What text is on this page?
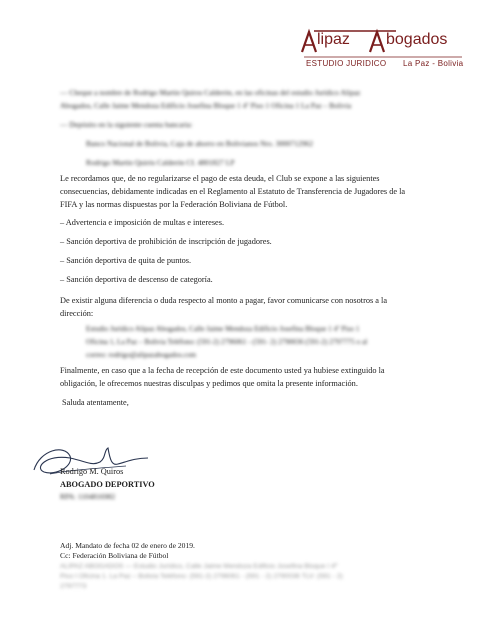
lipaz bogados
ESTUDIO JURIDICO La Paz - Bolivia
— Cheque a nombre de Rodrigo Martin Quiros Calderón, en las oficinas del estudio Jurídico Alipaz
Abogados, Calle Jaime Mendoza Edificio Josefina Bloque 1 4º Piso 1 Oficina 1 La Paz – Bolivia
— Depósito en la siguiente cuenta bancaria:
Banco Nacional de Bolivia, Caja de ahorro en Bolivianos Nro. 3000712962
Rodrigo Martin Quirós Calderón CI. 4801827 LP
Le recordamos que, de no regularizarse el pago de esta deuda, el Club se expone a las siguientes
consecuencias, debidamente indicadas en el Reglamento al Estatuto de Transferencia de Jugadores de la
FIFA y las normas dispuestas por la Federación Boliviana de Fútbol.
– Advertencia e imposición de multas e intereses.
– Sanción deportiva de prohibición de inscripción de jugadores.
– Sanción deportiva de quita de puntos.
– Sanción deportiva de descenso de categoría.
De existir alguna diferencia o duda respecto al monto a pagar, favor comunicarse con nosotros a la
dirección:
Estudio Jurídico Alipaz Abogados, Calle Jaime Mendoza Edificio Josefina Bloque 1 4º Piso 1
Oficina 1, La Paz – Bolivia Teléfono: (591-2) 2796061 - (591- 2) 2790036 (591-2) 2797775 o al
correo: rodrigo@alipazabogados.com
Finalmente, en caso que a la fecha de recepción de este documento usted ya hubiese extinguido la
obligación, le ofrecemos nuestras disculpas y pedimos que omita la presente información.
Saluda atentamente,
Rodrigo M. Quiros
ABOGADO DEPORTIVO
RPA: 1104816982
Adj. Mandato de fecha 02 de enero de 2019.
Cc: Federación Boliviana de Fútbol
ALIPAZ ABOGADOS — Estudio Jurídico, Calle Jaime Mendoza Edificio Josefina Bloque I 4º
Piso I Oficina 1. La Paz – Bolivia Teléfono: (591-2) 2796061 - (591 - 2) 2790036 TLV: (591 - 2)
2797773
